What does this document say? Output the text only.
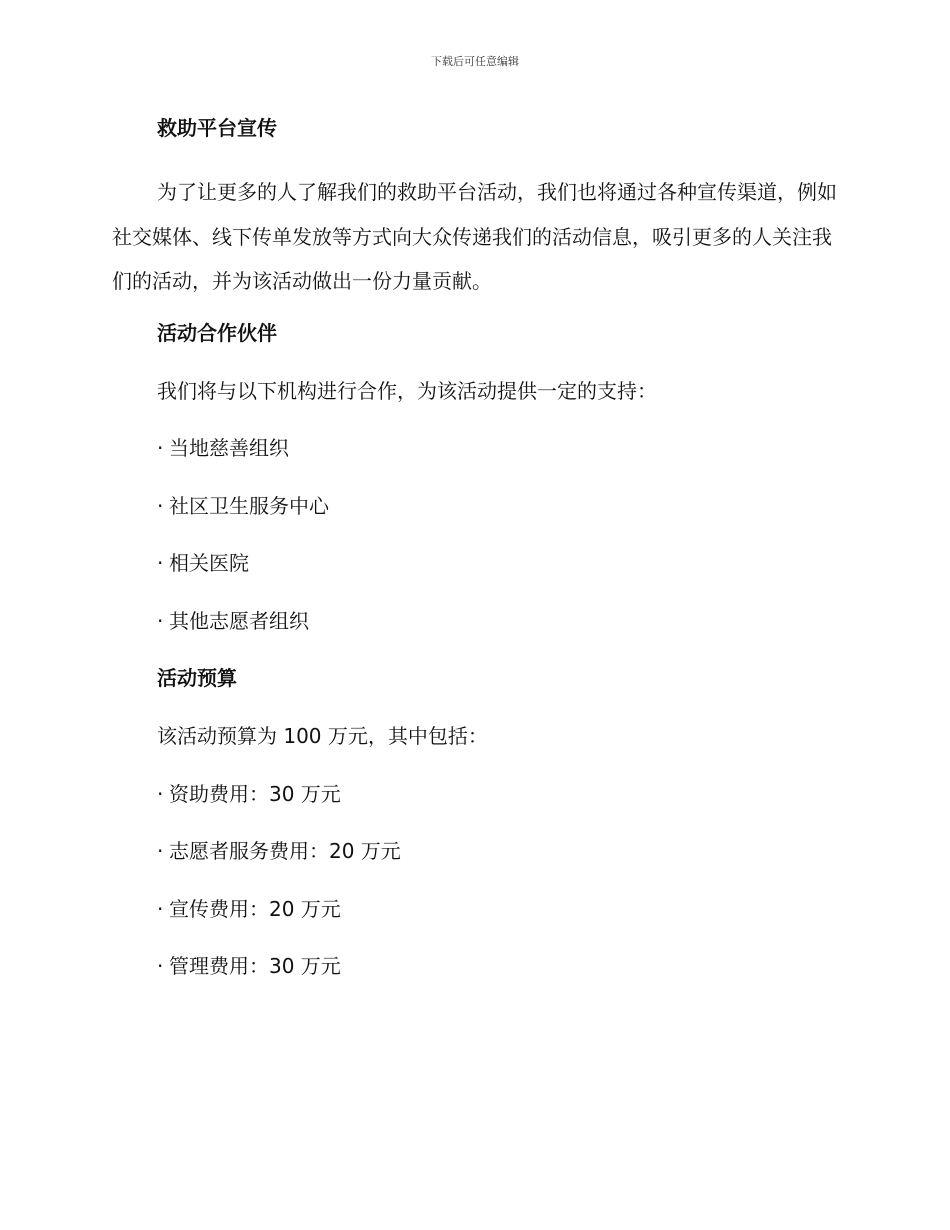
下载后可任意编辑
救助平台宣传
为了让更多的人了解我们的救助平台活动，我们也将通过各种宣传渠道，例如社交媒体、线下传单发放等方式向大众传递我们的活动信息，吸引更多的人关注我们的活动，并为该活动做出一份力量贡献。
活动合作伙伴
我们将与以下机构进行合作，为该活动提供一定的支持：
· 当地慈善组织
· 社区卫生服务中心
· 相关医院
· 其他志愿者组织
活动预算
该活动预算为 100 万元，其中包括：
· 资助费用：30 万元
· 志愿者服务费用：20 万元
· 宣传费用：20 万元
· 管理费用：30 万元
